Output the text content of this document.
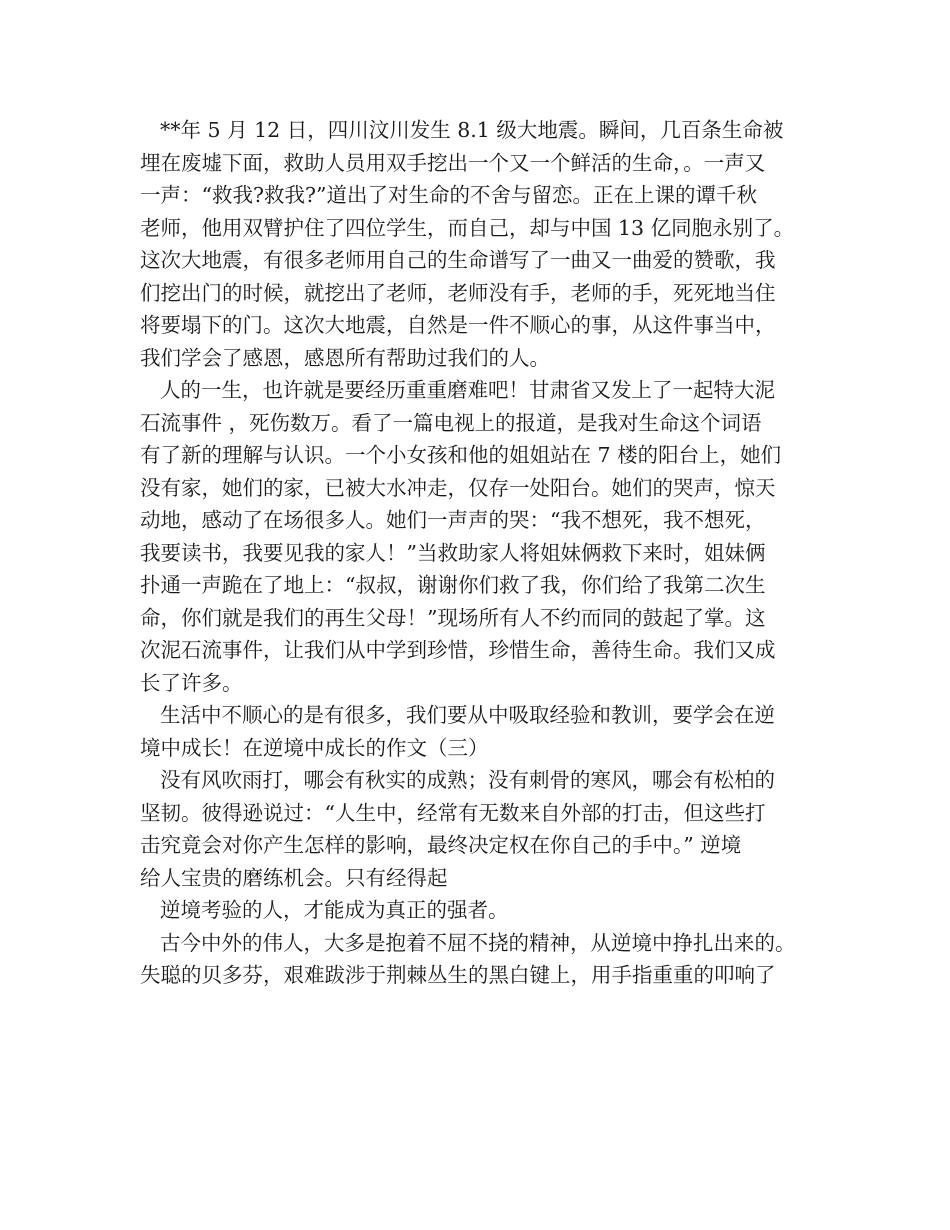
**年 5 月 12 日，四川汶川发生 8.1 级大地震。瞬间，几百条生命被
埋在废墟下面，救助人员用双手挖出一个又一个鲜活的生命，。一声又
一声：“救我?救我?”道出了对生命的不舍与留恋。正在上课的谭千秋
老师，他用双臂护住了四位学生，而自己，却与中国 13 亿同胞永别了。
这次大地震，有很多老师用自己的生命谱写了一曲又一曲爱的赞歌，我
们挖出门的时候，就挖出了老师，老师没有手，老师的手，死死地当住
将要塌下的门。这次大地震，自然是一件不顺心的事，从这件事当中，
我们学会了感恩，感恩所有帮助过我们的人。
人的一生，也许就是要经历重重磨难吧！甘肃省又发上了一起特大泥
石流事件 ，死伤数万。看了一篇电视上的报道，是我对生命这个词语
有了新的理解与认识。一个小女孩和他的姐姐站在 7 楼的阳台上，她们
没有家，她们的家，已被大水冲走，仅存一处阳台。她们的哭声，惊天
动地，感动了在场很多人。她们一声声的哭：“我不想死，我不想死，
我要读书，我要见我的家人！”当救助家人将姐妹俩救下来时，姐妹俩
扑通一声跪在了地上：“叔叔，谢谢你们救了我，你们给了我第二次生
命，你们就是我们的再生父母！”现场所有人不约而同的鼓起了掌。这
次泥石流事件，让我们从中学到珍惜，珍惜生命，善待生命。我们又成
长了许多。
生活中不顺心的是有很多，我们要从中吸取经验和教训，要学会在逆
境中成长！在逆境中成长的作文（三）
没有风吹雨打，哪会有秋实的成熟；没有刺骨的寒风，哪会有松柏的
坚韧。彼得逊说过：“人生中，经常有无数来自外部的打击，但这些打
击究竟会对你产生怎样的影响，最终决定权在你自己的手中。” 逆境
给人宝贵的磨练机会。只有经得起
逆境考验的人，才能成为真正的强者。
古今中外的伟人，大多是抱着不屈不挠的精神，从逆境中挣扎出来的。
失聪的贝多芬，艰难跋涉于荆棘丛生的黑白键上，用手指重重的叩响了
